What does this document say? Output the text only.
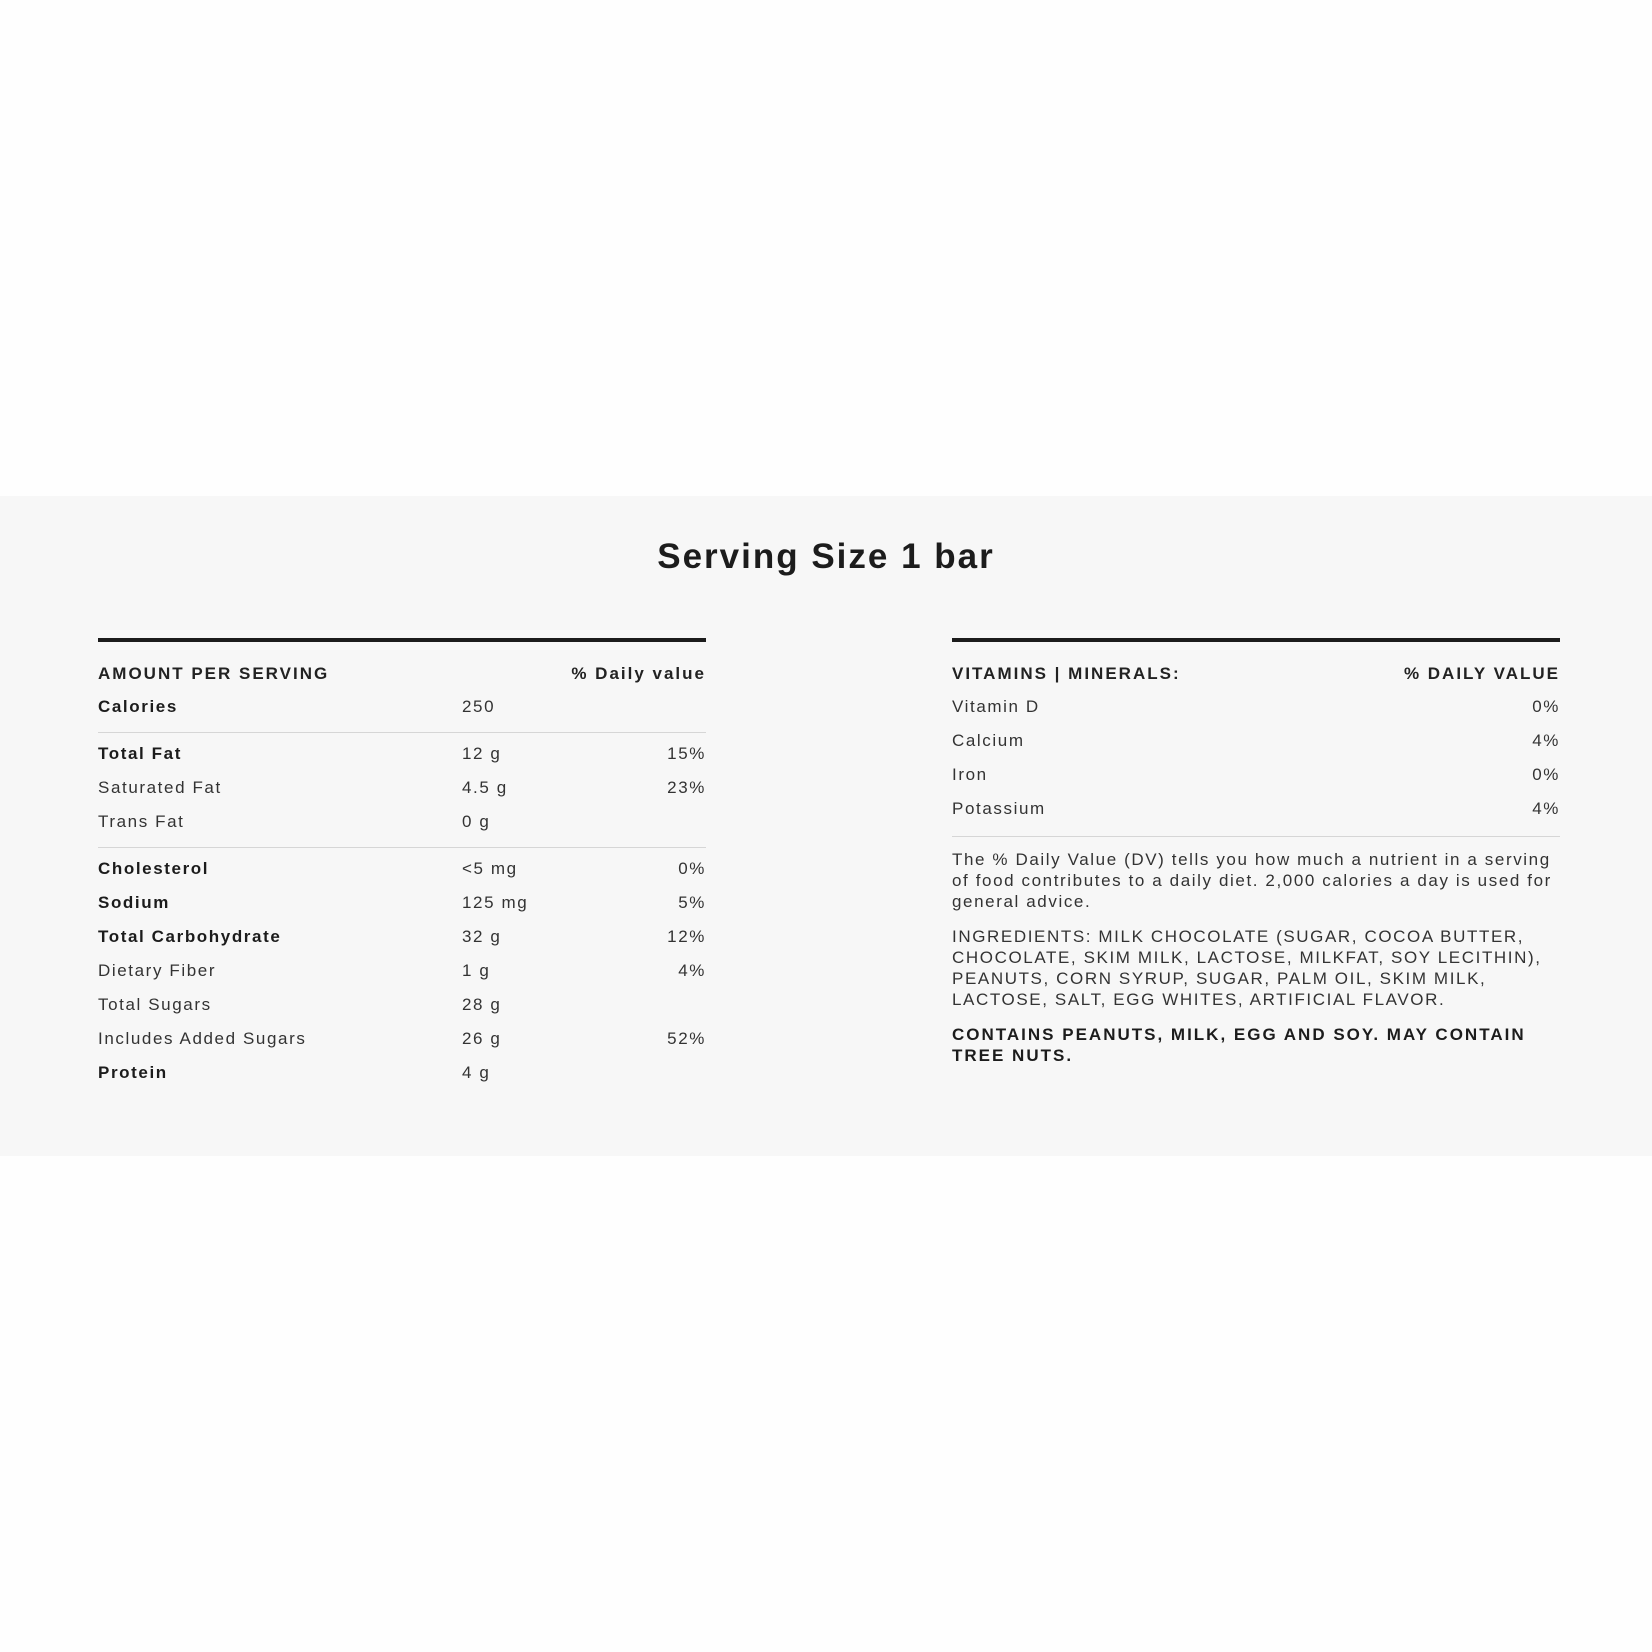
Serving Size 1 bar
AMOUNT PER SERVING	% Daily value
Calories	250
Total Fat	12 g	15%
Saturated Fat	4.5 g	23%
Trans Fat	0 g
Cholesterol	<5 mg	0%
Sodium	125 mg	5%
Total Carbohydrate	32 g	12%
Dietary Fiber	1 g	4%
Total Sugars	28 g
Includes Added Sugars	26 g	52%
Protein	4 g
VITAMINS | MINERALS:	% DAILY VALUE
Vitamin D	0%
Calcium	4%
Iron	0%
Potassium	4%

The % Daily Value (DV) tells you how much a nutrient in a serving of food contributes to a daily diet. 2,000 calories a day is used for general advice.

INGREDIENTS: MILK CHOCOLATE (SUGAR, COCOA BUTTER, CHOCOLATE, SKIM MILK, LACTOSE, MILKFAT, SOY LECITHIN), PEANUTS, CORN SYRUP, SUGAR, PALM OIL, SKIM MILK, LACTOSE, SALT, EGG WHITES, ARTIFICIAL FLAVOR.

CONTAINS PEANUTS, MILK, EGG AND SOY. MAY CONTAIN TREE NUTS.
